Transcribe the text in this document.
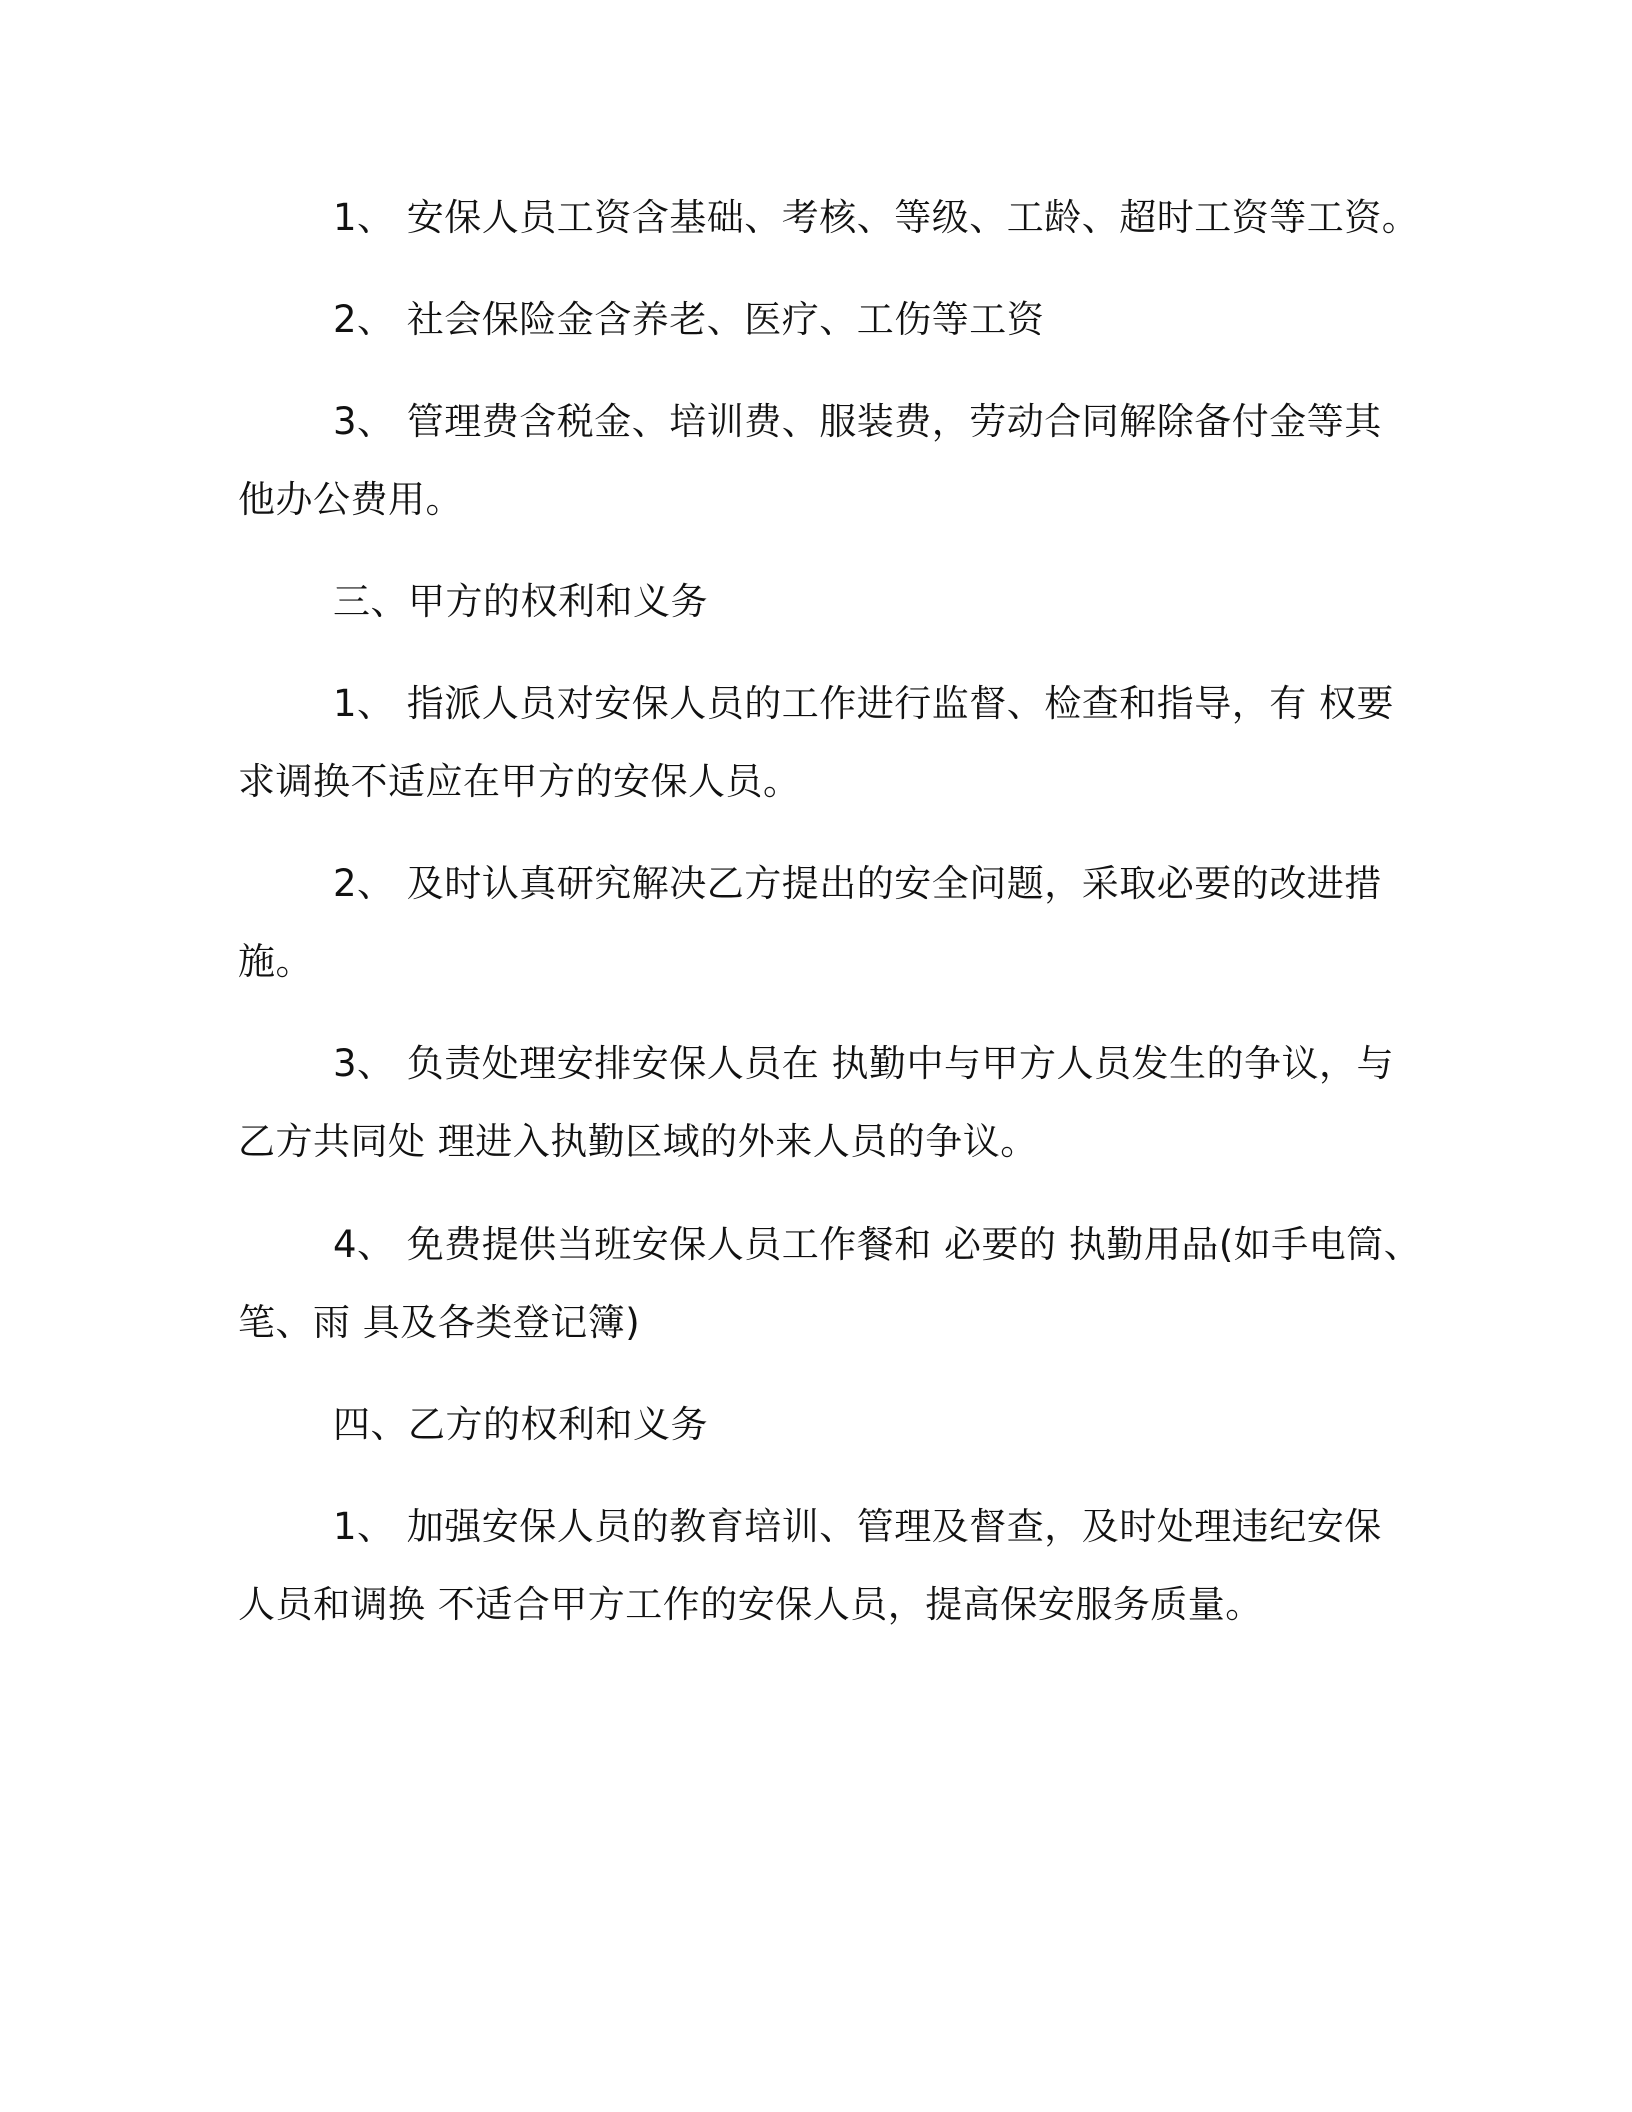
1、 安保人员工资含基础、考核、等级、工龄、超时工资等工资。
2、 社会保险金含养老、医疗、工伤等工资
3、 管理费含税金、培训费、服装费，劳动合同解除备付金等其
他办公费用。
三、甲方的权利和义务
1、 指派人员对安保人员的工作进行监督、检查和指导，有 权要
求调换不适应在甲方的安保人员。
2、 及时认真研究解决乙方提出的安全问题，采取必要的改进措
施。
3、 负责处理安排安保人员在 执勤中与甲方人员发生的争议，与
乙方共同处 理进入执勤区域的外来人员的争议。
4、 免费提供当班安保人员工作餐和 必要的 执勤用品(如手电筒、
笔、雨 具及各类登记簿)
四、乙方的权利和义务
1、 加强安保人员的教育培训、管理及督查，及时处理违纪安保
人员和调换 不适合甲方工作的安保人员，提高保安服务质量。
